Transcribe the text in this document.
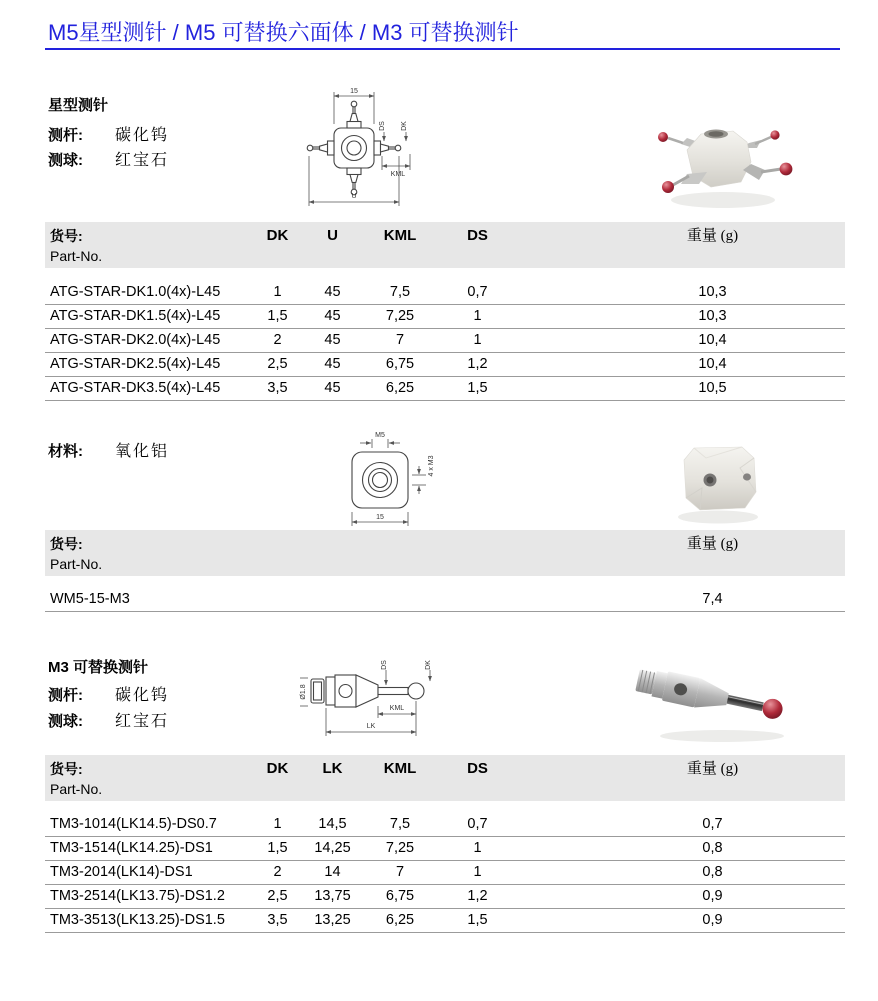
M5星型测针 / M5 可替换六面体 / M3 可替换测针
星型测针
测杆: 碳化钨
测球: 红宝石
15
DS DK
KML
U
货号:
Part-No.
DK	U	KML	DS	重量 (g)
ATG-STAR-DK1.0(4x)-L45	1	45	7,5	0,7	10,3
ATG-STAR-DK1.5(4x)-L45	1,5	45	7,25	1	10,3
ATG-STAR-DK2.0(4x)-L45	2	45	7	1	10,4
ATG-STAR-DK2.5(4x)-L45	2,5	45	6,75	1,2	10,4
ATG-STAR-DK3.5(4x)-L45	3,5	45	6,25	1,5	10,5
材料: 氧化铝
M5
4 x M3
15
货号:
Part-No.
重量 (g)
WM5-15-M3	7,4
M3 可替换测针
测杆: 碳化钨
测球: 红宝石
Ø1.8
DS	DK
KML
LK
货号:
Part-No.
DK	LK	KML	DS	重量 (g)
TM3-1014(LK14.5)-DS0.7	1	14,5	7,5	0,7	0,7
TM3-1514(LK14.25)-DS1	1,5	14,25	7,25	1	0,8
TM3-2014(LK14)-DS1	2	14	7	1	0,8
TM3-2514(LK13.75)-DS1.2	2,5	13,75	6,75	1,2	0,9
TM3-3513(LK13.25)-DS1.5	3,5	13,25	6,25	1,5	0,9
